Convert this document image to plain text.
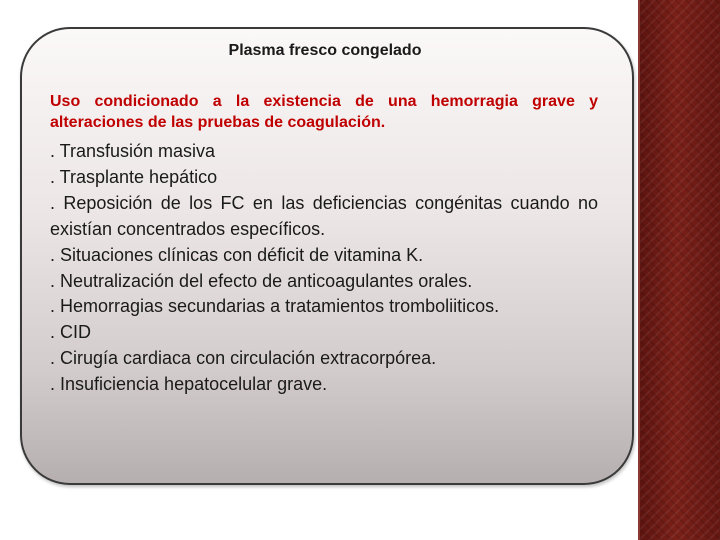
Plasma fresco congelado

Uso condicionado a la existencia de una hemorragia grave y alteraciones de las pruebas de coagulación.

. Transfusión masiva
. Trasplante hepático
. Reposición de los FC en las deficiencias congénitas cuando no existían concentrados específicos.
. Situaciones clínicas con déficit de vitamina K.
. Neutralización del efecto de anticoagulantes orales.
. Hemorragias secundarias a tratamientos tromboliiticos.
. CID
. Cirugía cardiaca con circulación extracorpórea.
. Insuficiencia hepatocelular grave.
